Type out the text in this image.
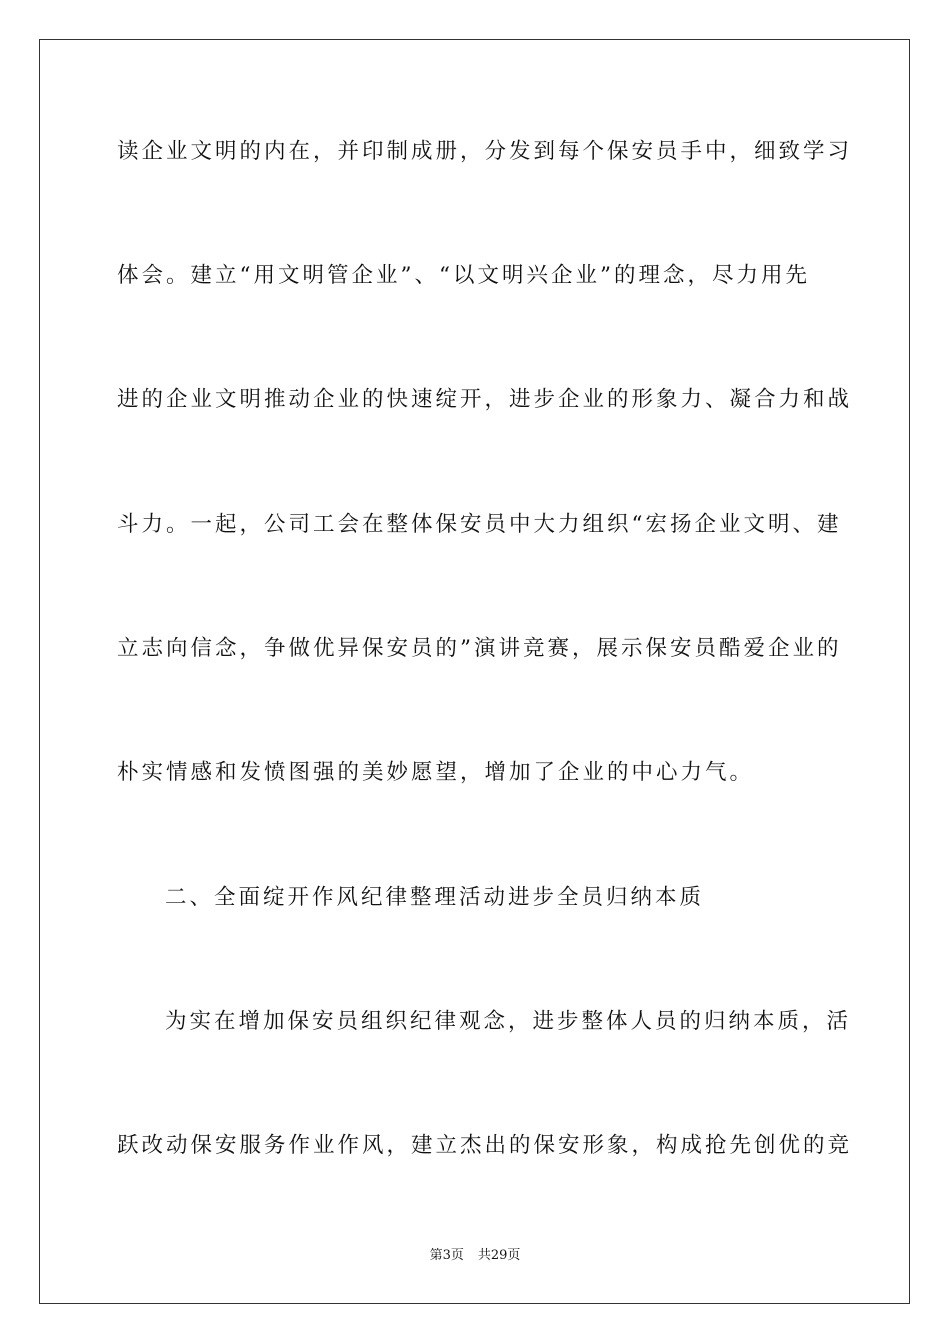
读企业文明的内在，并印制成册，分发到每个保安员手中，细致学习
体会。建立“用文明管企业”、“以文明兴企业”的理念，尽力用先
进的企业文明推动企业的快速绽开，进步企业的形象力、凝合力和战
斗力。一起，公司工会在整体保安员中大力组织“宏扬企业文明、建
立志向信念，争做优异保安员的”演讲竞赛，展示保安员酷爱企业的
朴实情感和发愤图强的美妙愿望，增加了企业的中心力气。
二、全面绽开作风纪律整理活动进步全员归纳本质
为实在增加保安员组织纪律观念，进步整体人员的归纳本质，活
跃改动保安服务作业作风，建立杰出的保安形象，构成抢先创优的竞
第3页 共29页
